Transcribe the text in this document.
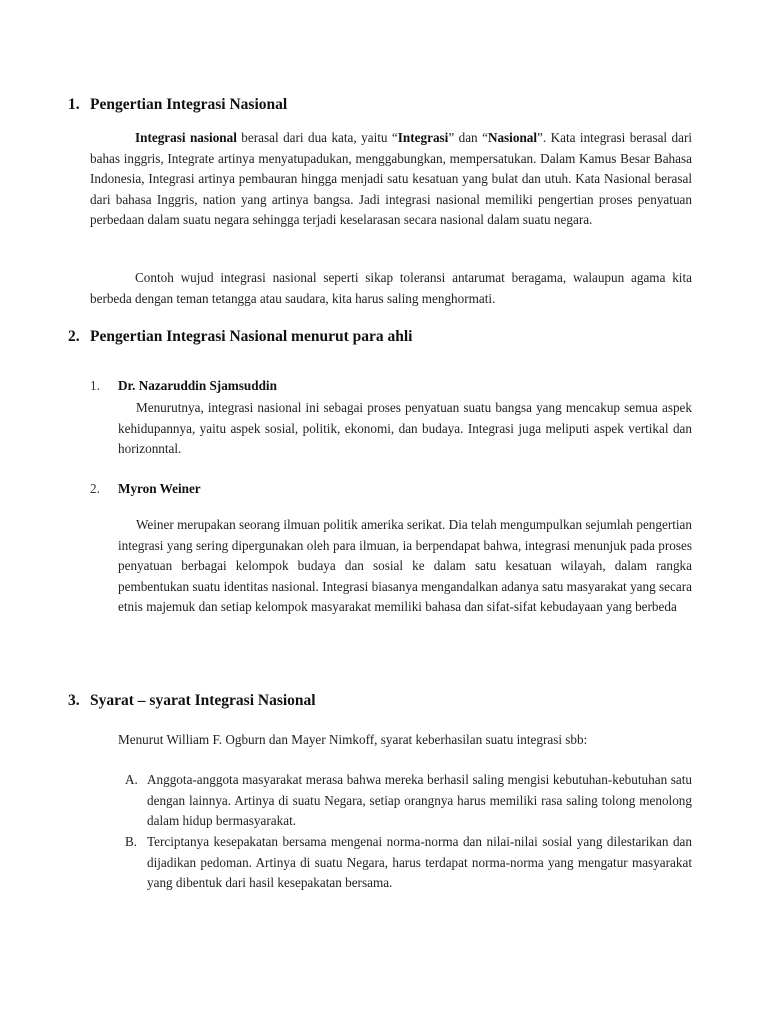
1. Pengertian Integrasi Nasional
Integrasi nasional berasal dari dua kata, yaitu “Integrasi” dan “Nasional”. Kata integrasi berasal dari bahas inggris, Integrate artinya menyatupadukan, menggabungkan, mempersatukan. Dalam Kamus Besar Bahasa Indonesia, Integrasi artinya pembauran hingga menjadi satu kesatuan yang bulat dan utuh. Kata Nasional berasal dari bahasa Inggris, nation yang artinya bangsa. Jadi integrasi nasional memiliki pengertian proses penyatuan perbedaan dalam suatu negara sehingga terjadi keselarasan secara nasional dalam suatu negara.
Contoh wujud integrasi nasional seperti sikap toleransi antarumat beragama, walaupun agama kita berbeda dengan teman tetangga atau saudara, kita harus saling menghormati.
2. Pengertian Integrasi Nasional menurut para ahli
1. Dr. Nazaruddin Sjamsuddin
Menurutnya, integrasi nasional ini sebagai proses penyatuan suatu bangsa yang mencakup semua aspek kehidupannya, yaitu aspek sosial, politik, ekonomi, dan budaya. Integrasi juga meliputi aspek vertikal dan horizonntal.
2. Myron Weiner
Weiner merupakan seorang ilmuan politik amerika serikat. Dia telah mengumpulkan sejumlah pengertian integrasi yang sering dipergunakan oleh para ilmuan, ia berpendapat bahwa, integrasi menunjuk pada proses penyatuan berbagai kelompok budaya dan sosial ke dalam satu kesatuan wilayah, dalam rangka pembentukan suatu identitas nasional. Integrasi biasanya mengandalkan adanya satu masyarakat yang secara etnis majemuk dan setiap kelompok masyarakat memiliki bahasa dan sifat-sifat kebudayaan yang berbeda
3. Syarat – syarat Integrasi Nasional
Menurut William F. Ogburn dan Mayer Nimkoff, syarat keberhasilan suatu integrasi sbb:
A. Anggota-anggota masyarakat merasa bahwa mereka berhasil saling mengisi kebutuhan-kebutuhan satu dengan lainnya. Artinya di suatu Negara, setiap orangnya harus memiliki rasa saling tolong menolong dalam hidup bermasyarakat.
B. Terciptanya kesepakatan bersama mengenai norma-norma dan nilai-nilai sosial yang dilestarikan dan dijadikan pedoman. Artinya di suatu Negara, harus terdapat norma-norma yang mengatur masyarakat yang dibentuk dari hasil kesepakatan bersama.
